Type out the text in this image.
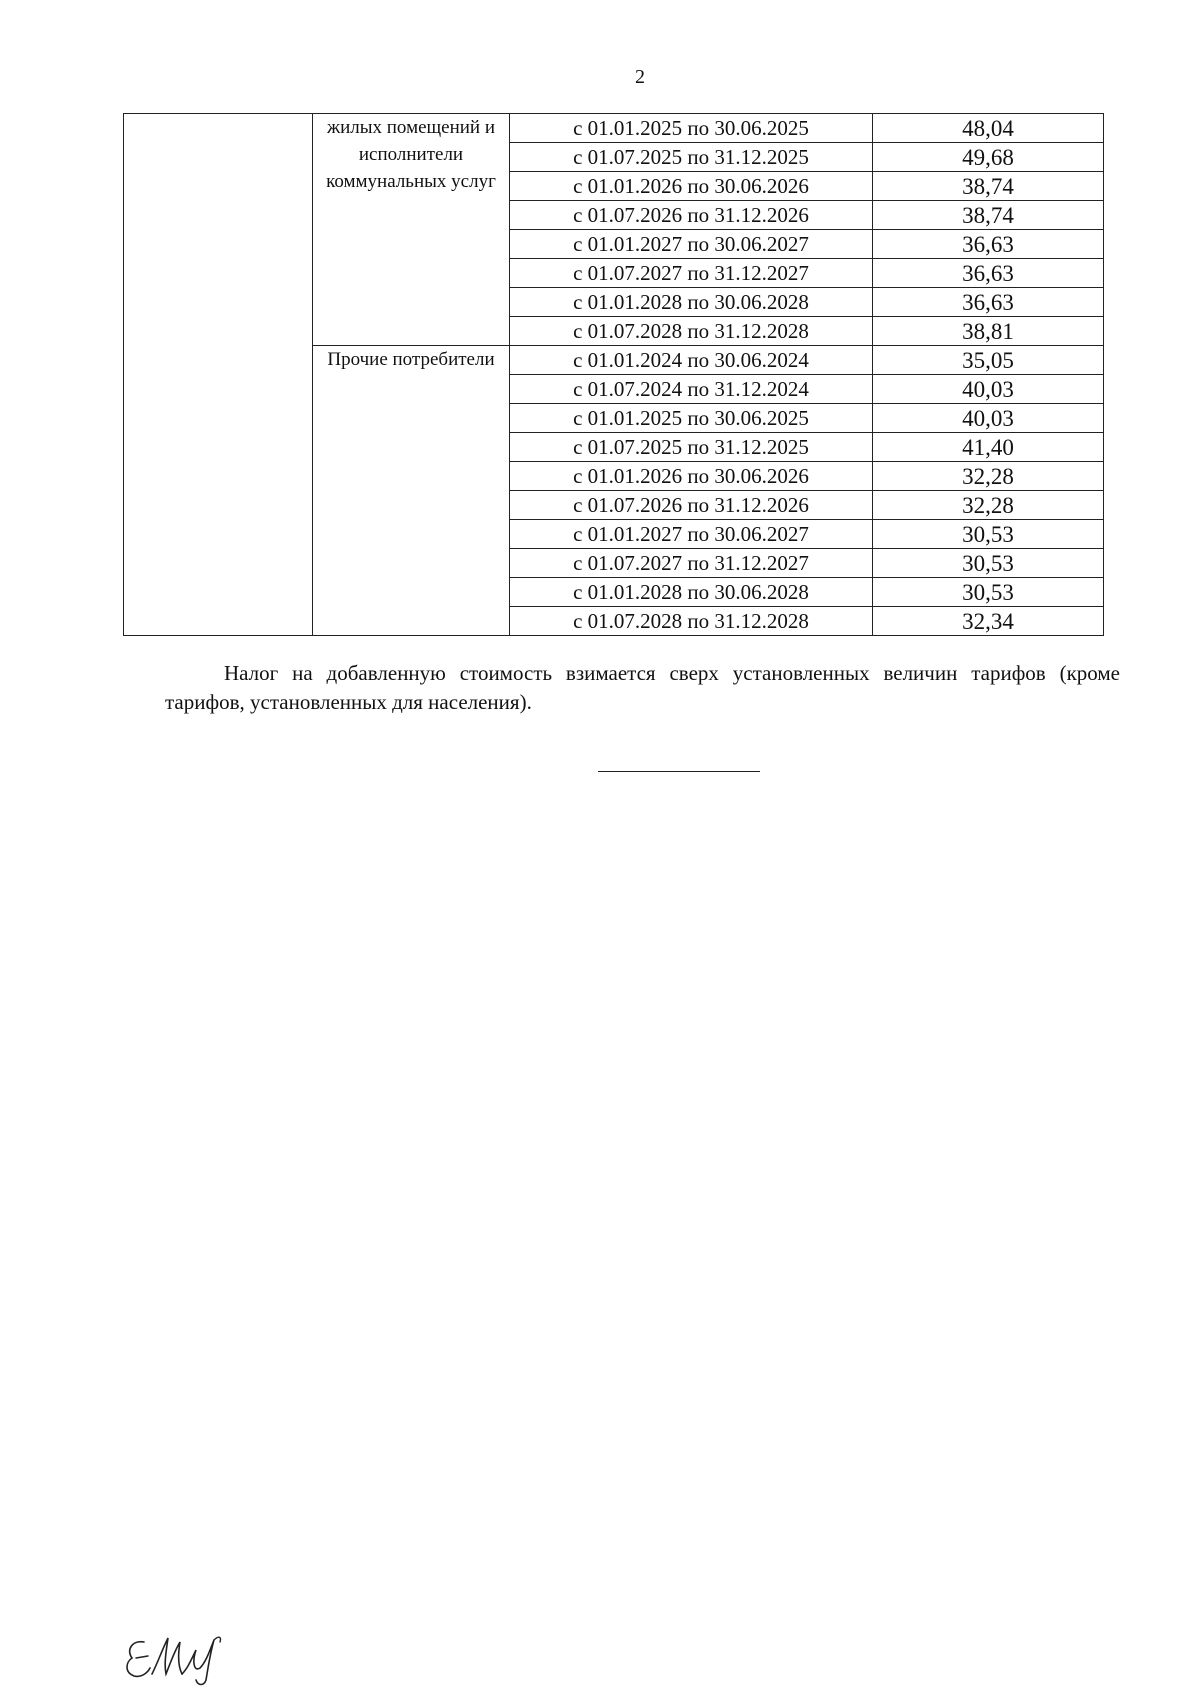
2
	жилых помещений и исполнители коммунальных услуг	с 01.01.2025 по 30.06.2025	48,04
		с 01.07.2025 по 31.12.2025	49,68
		с 01.01.2026 по 30.06.2026	38,74
		с 01.07.2026 по 31.12.2026	38,74
		с 01.01.2027 по 30.06.2027	36,63
		с 01.07.2027 по 31.12.2027	36,63
		с 01.01.2028 по 30.06.2028	36,63
		с 01.07.2028 по 31.12.2028	38,81
	Прочие потребители	с 01.01.2024 по 30.06.2024	35,05
		с 01.07.2024 по 31.12.2024	40,03
		с 01.01.2025 по 30.06.2025	40,03
		с 01.07.2025 по 31.12.2025	41,40
		с 01.01.2026 по 30.06.2026	32,28
		с 01.07.2026 по 31.12.2026	32,28
		с 01.01.2027 по 30.06.2027	30,53
		с 01.07.2027 по 31.12.2027	30,53
		с 01.01.2028 по 30.06.2028	30,53
		с 01.07.2028 по 31.12.2028	32,34

Налог на добавленную стоимость взимается сверх установленных величин тарифов (кроме тарифов, установленных для населения).
